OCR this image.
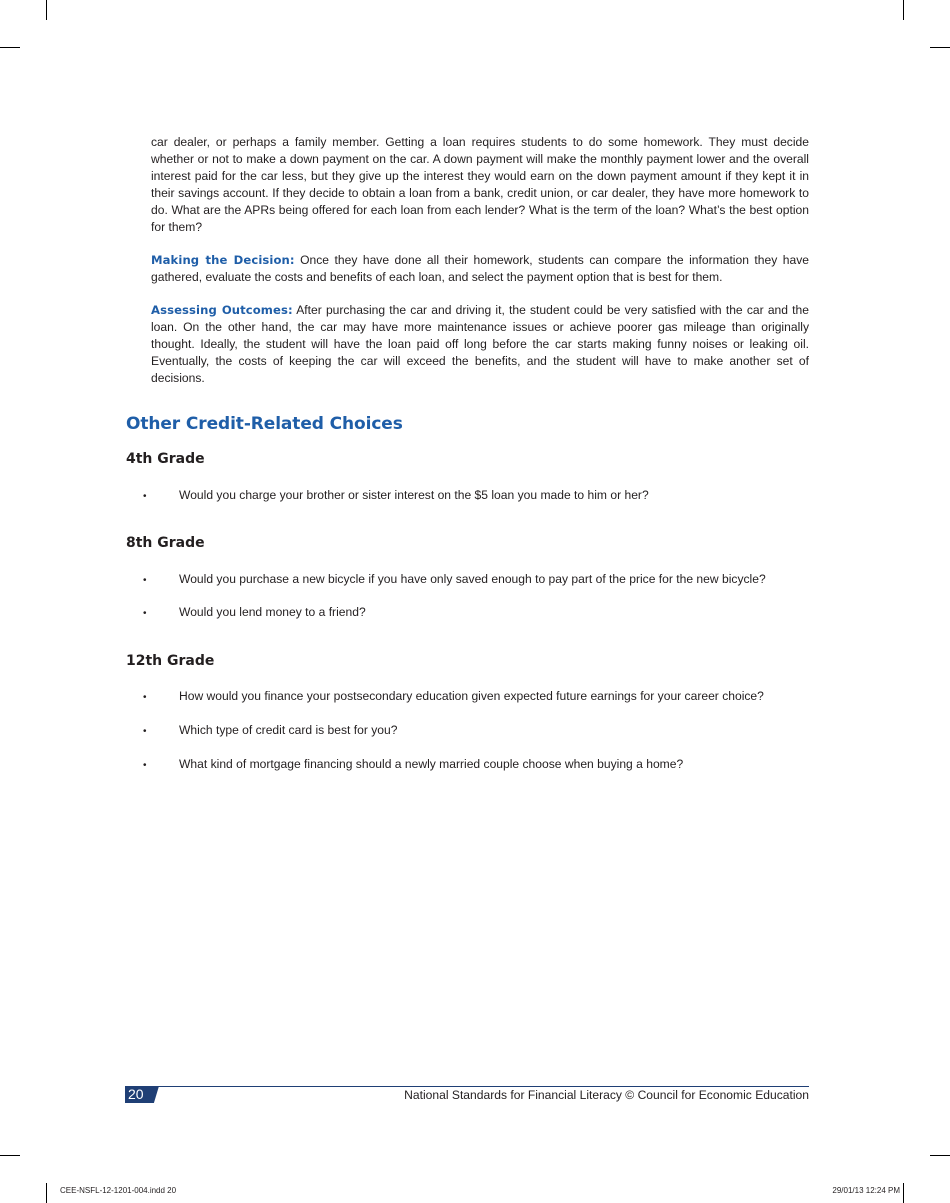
car dealer, or perhaps a family member. Getting a loan requires students to do some homework. They must decide whether or not to make a down payment on the car. A down payment will make the monthly payment lower and the overall interest paid for the car less, but they give up the interest they would earn on the down payment amount if they kept it in their savings account. If they decide to obtain a loan from a bank, credit union, or car dealer, they have more homework to do. What are the APRs being offered for each loan from each lender? What is the term of the loan? What’s the best option for them?

Making the Decision: Once they have done all their homework, students can compare the information they have gathered, evaluate the costs and benefits of each loan, and select the payment option that is best for them.

Assessing Outcomes: After purchasing the car and driving it, the student could be very satisfied with the car and the loan. On the other hand, the car may have more maintenance issues or achieve poorer gas mileage than originally thought. Ideally, the student will have the loan paid off long before the car starts making funny noises or leaking oil. Eventually, the costs of keeping the car will exceed the benefits, and the student will have to make another set of decisions.

Other Credit-Related Choices
4th Grade
•	Would you charge your brother or sister interest on the $5 loan you made to him or her?
8th Grade
•	Would you purchase a new bicycle if you have only saved enough to pay part of the price for the new bicycle?
•	Would you lend money to a friend?
12th Grade
•	How would you finance your postsecondary education given expected future earnings for your career choice?
•	Which type of credit card is best for you?
•	What kind of mortgage financing should a newly married couple choose when buying a home?
20	National Standards for Financial Literacy © Council for Economic Education
CEE-NSFL-12-1201-004.indd 20	29/01/13 12:24 PM
